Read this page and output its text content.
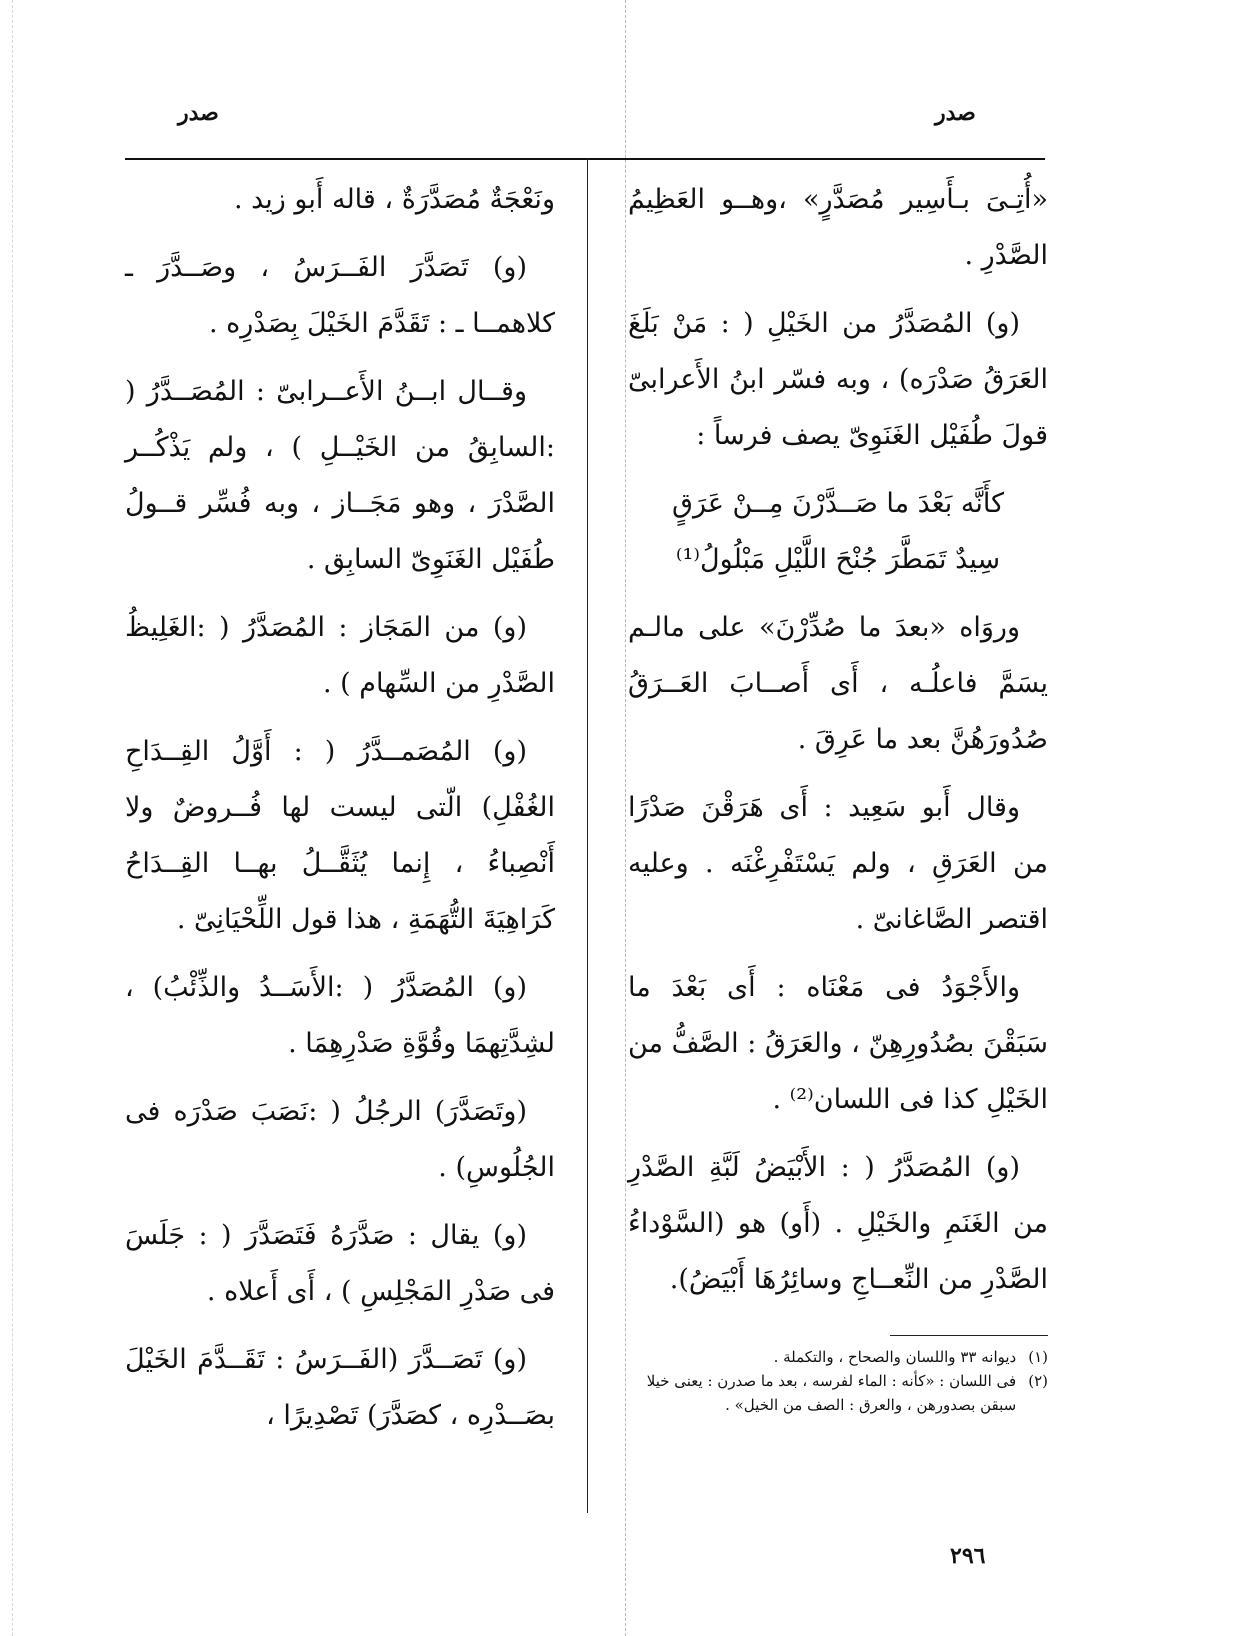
صدر
صدر

«أُتِـىَ بـأَسِير مُصَدَّرٍ» ،وهــو العَظِيمُ الصَّدْرِ .

(و) المُصَدَّرُ من الخَيْلِ ( : مَنْ بَلَغَ العَرَقُ صَدْرَه) ، وبه فسّر ابنُ الأَعرابىّ قولَ طُفَيْل الغَنَوِىّ يصف فرساً :

كأَنَّه بَعْدَ ما صَــدَّرْنَ مِــنْ عَرَقٍ
سِيدٌ تَمَطَّرَ جُنْحَ اللَّيْلِ مَبْلُولُ⁽¹⁾

وروَاه «بعدَ ما صُدِّرْنَ» على مالـم يسَمَّ فاعلُـه ، أَى أَصــابَ العَــرَقُ صُدُورَهُنَّ بعد ما عَرِقَ .

وقال أَبو سَعِيد : أَى هَرَقْنَ صَدْرًا من العَرَقِ ، ولم يَسْتَفْرِغْنَه . وعليه اقتصر الصَّاغانىّ .

والأَجْوَدُ فى مَعْنَاه : أَى بَعْدَ ما سَبَقْنَ بصُدُورِهِنّ ، والعَرَقُ : الصَّفُّ من الخَيْلِ كذا فى اللسان⁽²⁾ .

(و) المُصَدَّرُ ( : الأَبْيَضُ لَبَّةِ الصَّدْرِ من الغَنَمِ والخَيْلِ . (أَو) هو (السَّوْداءُ الصَّدْرِ من النِّعــاجِ وسائِرُهَا أَبْيَضُ).

ونَعْجَةٌ مُصَدَّرَةٌ ، قاله أَبو زيد .

(و) تَصَدَّرَ الفَــرَسُ ، وصَــدَّرَ ـ كلاهمــا ـ : تَقَدَّمَ الخَيْلَ بِصَدْرِه .

وقــال ابــنُ الأَعــرابىّ : المُصَــدَّرُ ( :السابِقُ من الخَيْــلِ ) ، ولم يَذْكُــر الصَّدْرَ ، وهو مَجَــاز ، وبه فُسِّر قــولُ طُفَيْل الغَنَوِىّ السابِق .

(و) من المَجَاز : المُصَدَّرُ ( :الغَلِيظُ الصَّدْرِ من السِّهام ) .

(و) المُصَمــدَّرُ ( : أَوَّلُ القِــدَاحِ الغُفْلِ) الّتى ليست لها فُــروضٌ ولا أَنْصِباءُ ، إِنما يُثَقَّــلُ بهــا القِــدَاحُ كَرَاهِيَةَ التُّهَمَةِ ، هذا قول اللِّحْيَانِىّ .

(و) المُصَدَّرُ ( :الأَسَــدُ والذِّئْبُ) ، لشِدَّتِهمَا وقُوَّةِ صَدْرِهِمَا .

(وتَصَدَّرَ) الرجُلُ ( :نَصَبَ صَدْرَه فى الجُلُوسِ) .

(و) يقال : صَدَّرَهُ فَتَصَدَّرَ ( : جَلَسَ فى صَدْرِ المَجْلِسِ ) ، أَى أَعلاه .

(و) تَصَــدَّرَ (الفَــرَسُ : تَقَــدَّمَ الخَيْلَ بصَــدْرِه ، كصَدَّرَ) تَصْدِيرًا ،

(١)
ديوانه ٣٣ واللسان والصحاح ، والتكملة .

(٢)
فى اللسان : «كأنه : الماء لفرسه ، بعد ما صدرن : يعنى خيلا سبقن بصدورهن ، والعرق : الصف من الخيل» .

٢٩٦
